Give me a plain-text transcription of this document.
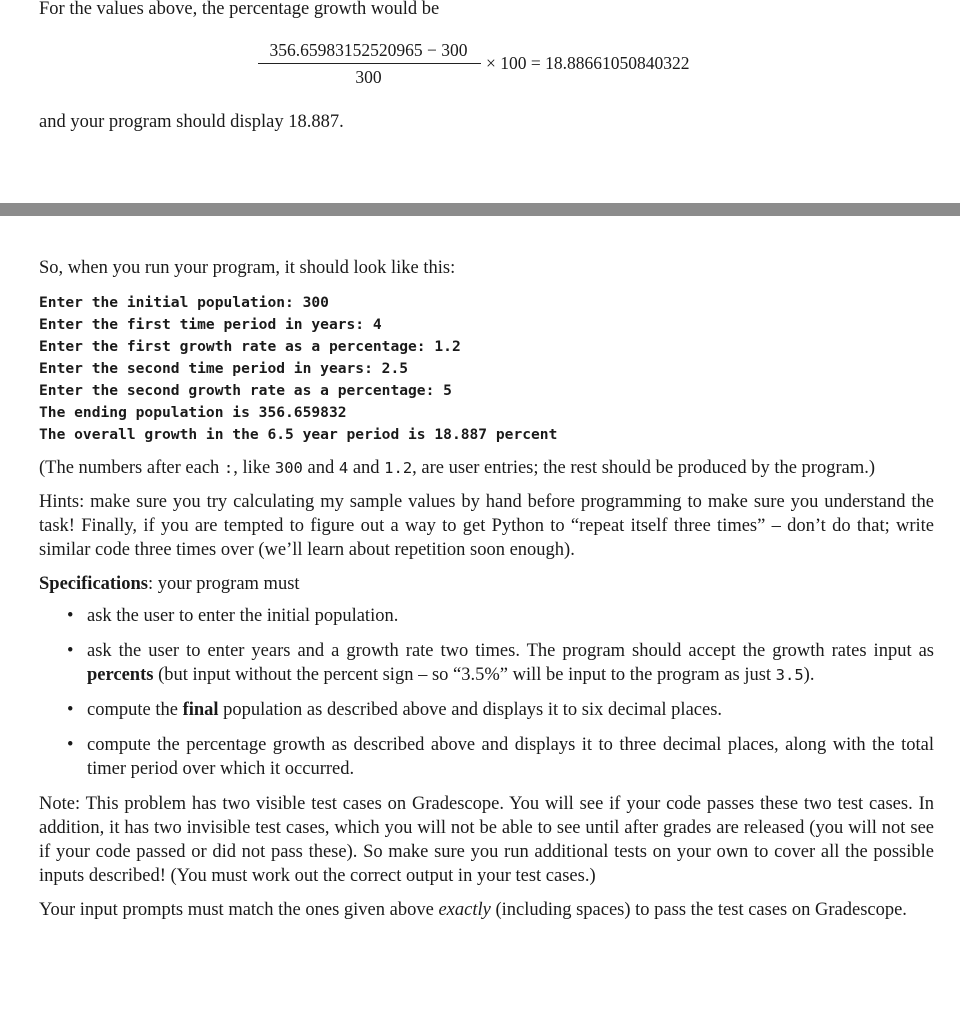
For the values above, the percentage growth would be
356.65983152520965 − 300
300
× 100 = 18.88661050840322
and your program should display 18.887.

So, when you run your program, it should look like this:

Enter the initial population: 300
Enter the first time period in years: 4
Enter the first growth rate as a percentage: 1.2
Enter the second time period in years: 2.5
Enter the second growth rate as a percentage: 5
The ending population is 356.659832
The overall growth in the 6.5 year period is 18.887 percent

(The numbers after each :, like 300 and 4 and 1.2, are user entries; the rest should be produced by the program.)

Hints: make sure you try calculating my sample values by hand before programming to make sure you understand the task! Finally, if you are tempted to figure out a way to get Python to “repeat itself three times” – don’t do that; write similar code three times over (we’ll learn about repetition soon enough).

Specifications: your program must

• ask the user to enter the initial population.
• ask the user to enter years and a growth rate two times. The program should accept the growth rates input as percents (but input without the percent sign – so “3.5%” will be input to the program as just 3.5).
• compute the final population as described above and displays it to six decimal places.
• compute the percentage growth as described above and displays it to three decimal places, along with the total timer period over which it occurred.

Note: This problem has two visible test cases on Gradescope. You will see if your code passes these two test cases. In addition, it has two invisible test cases, which you will not be able to see until after grades are released (you will not see if your code passed or did not pass these). So make sure you run additional tests on your own to cover all the possible inputs described! (You must work out the correct output in your test cases.)

Your input prompts must match the ones given above exactly (including spaces) to pass the test cases on Gradescope.
